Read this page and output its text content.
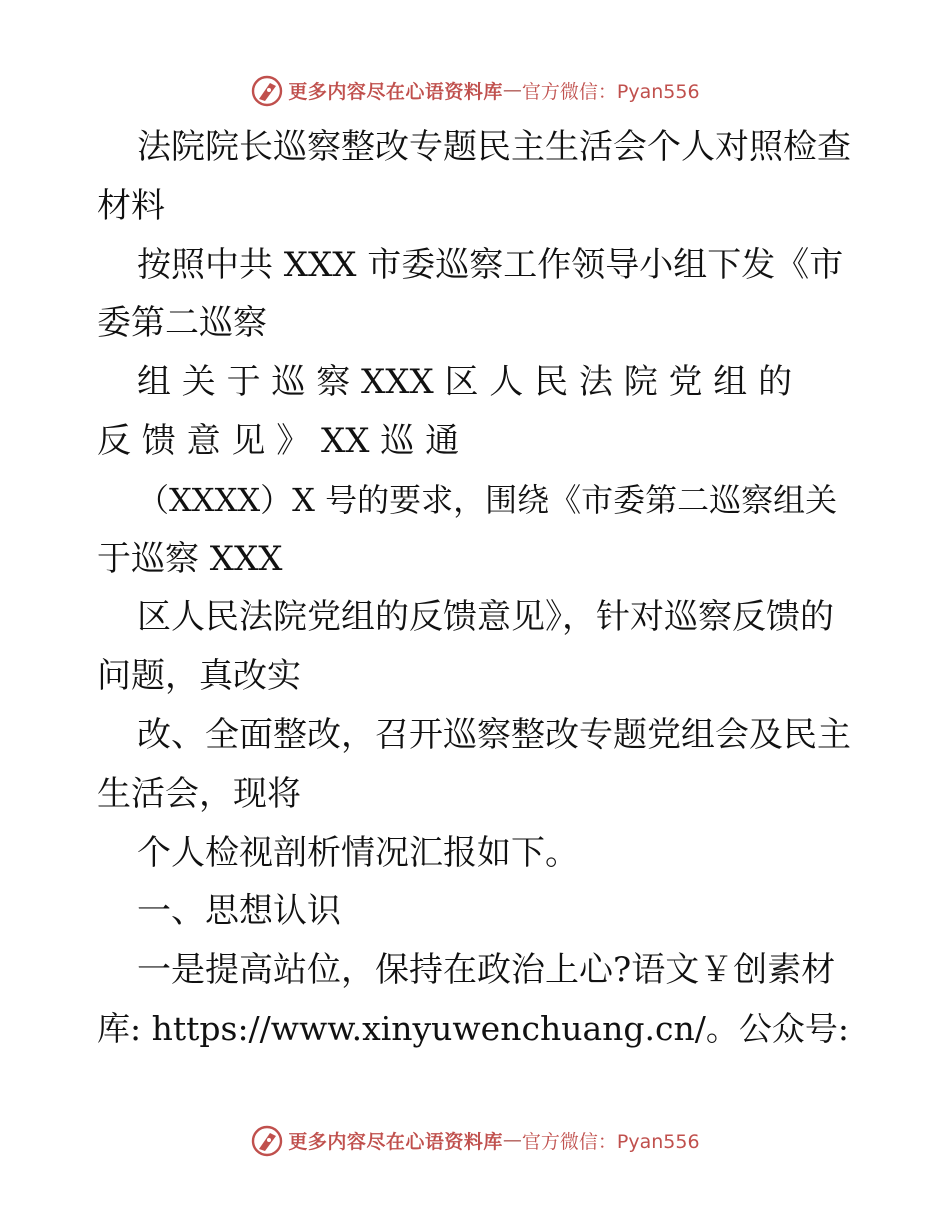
更多内容尽在心语资料库 — 官方微信：Pyan556
法院院长巡察整改专题民主生活会个人对照检查
材料
按照中共 XXX 市委巡察工作领导小组下发《市
委第二巡察
组 关 于 巡 察 XXX 区 人 民 法 院 党 组 的
反 馈 意 见 》 XX 巡 通
（XXXX）X 号的要求，围绕《市委第二巡察组关
于巡察 XXX
区人民法院党组的反馈意见》，针对巡察反馈的
问题，真改实
改、全面整改，召开巡察整改专题党组会及民主
生活会，现将
个人检视剖析情况汇报如下。
一、思想认识
一是提高站位，保持在政治上心?语文￥创素材
库: https://www.xinyuwenchuang.cn/。公众号:
更多内容尽在心语资料库 — 官方微信：Pyan556
